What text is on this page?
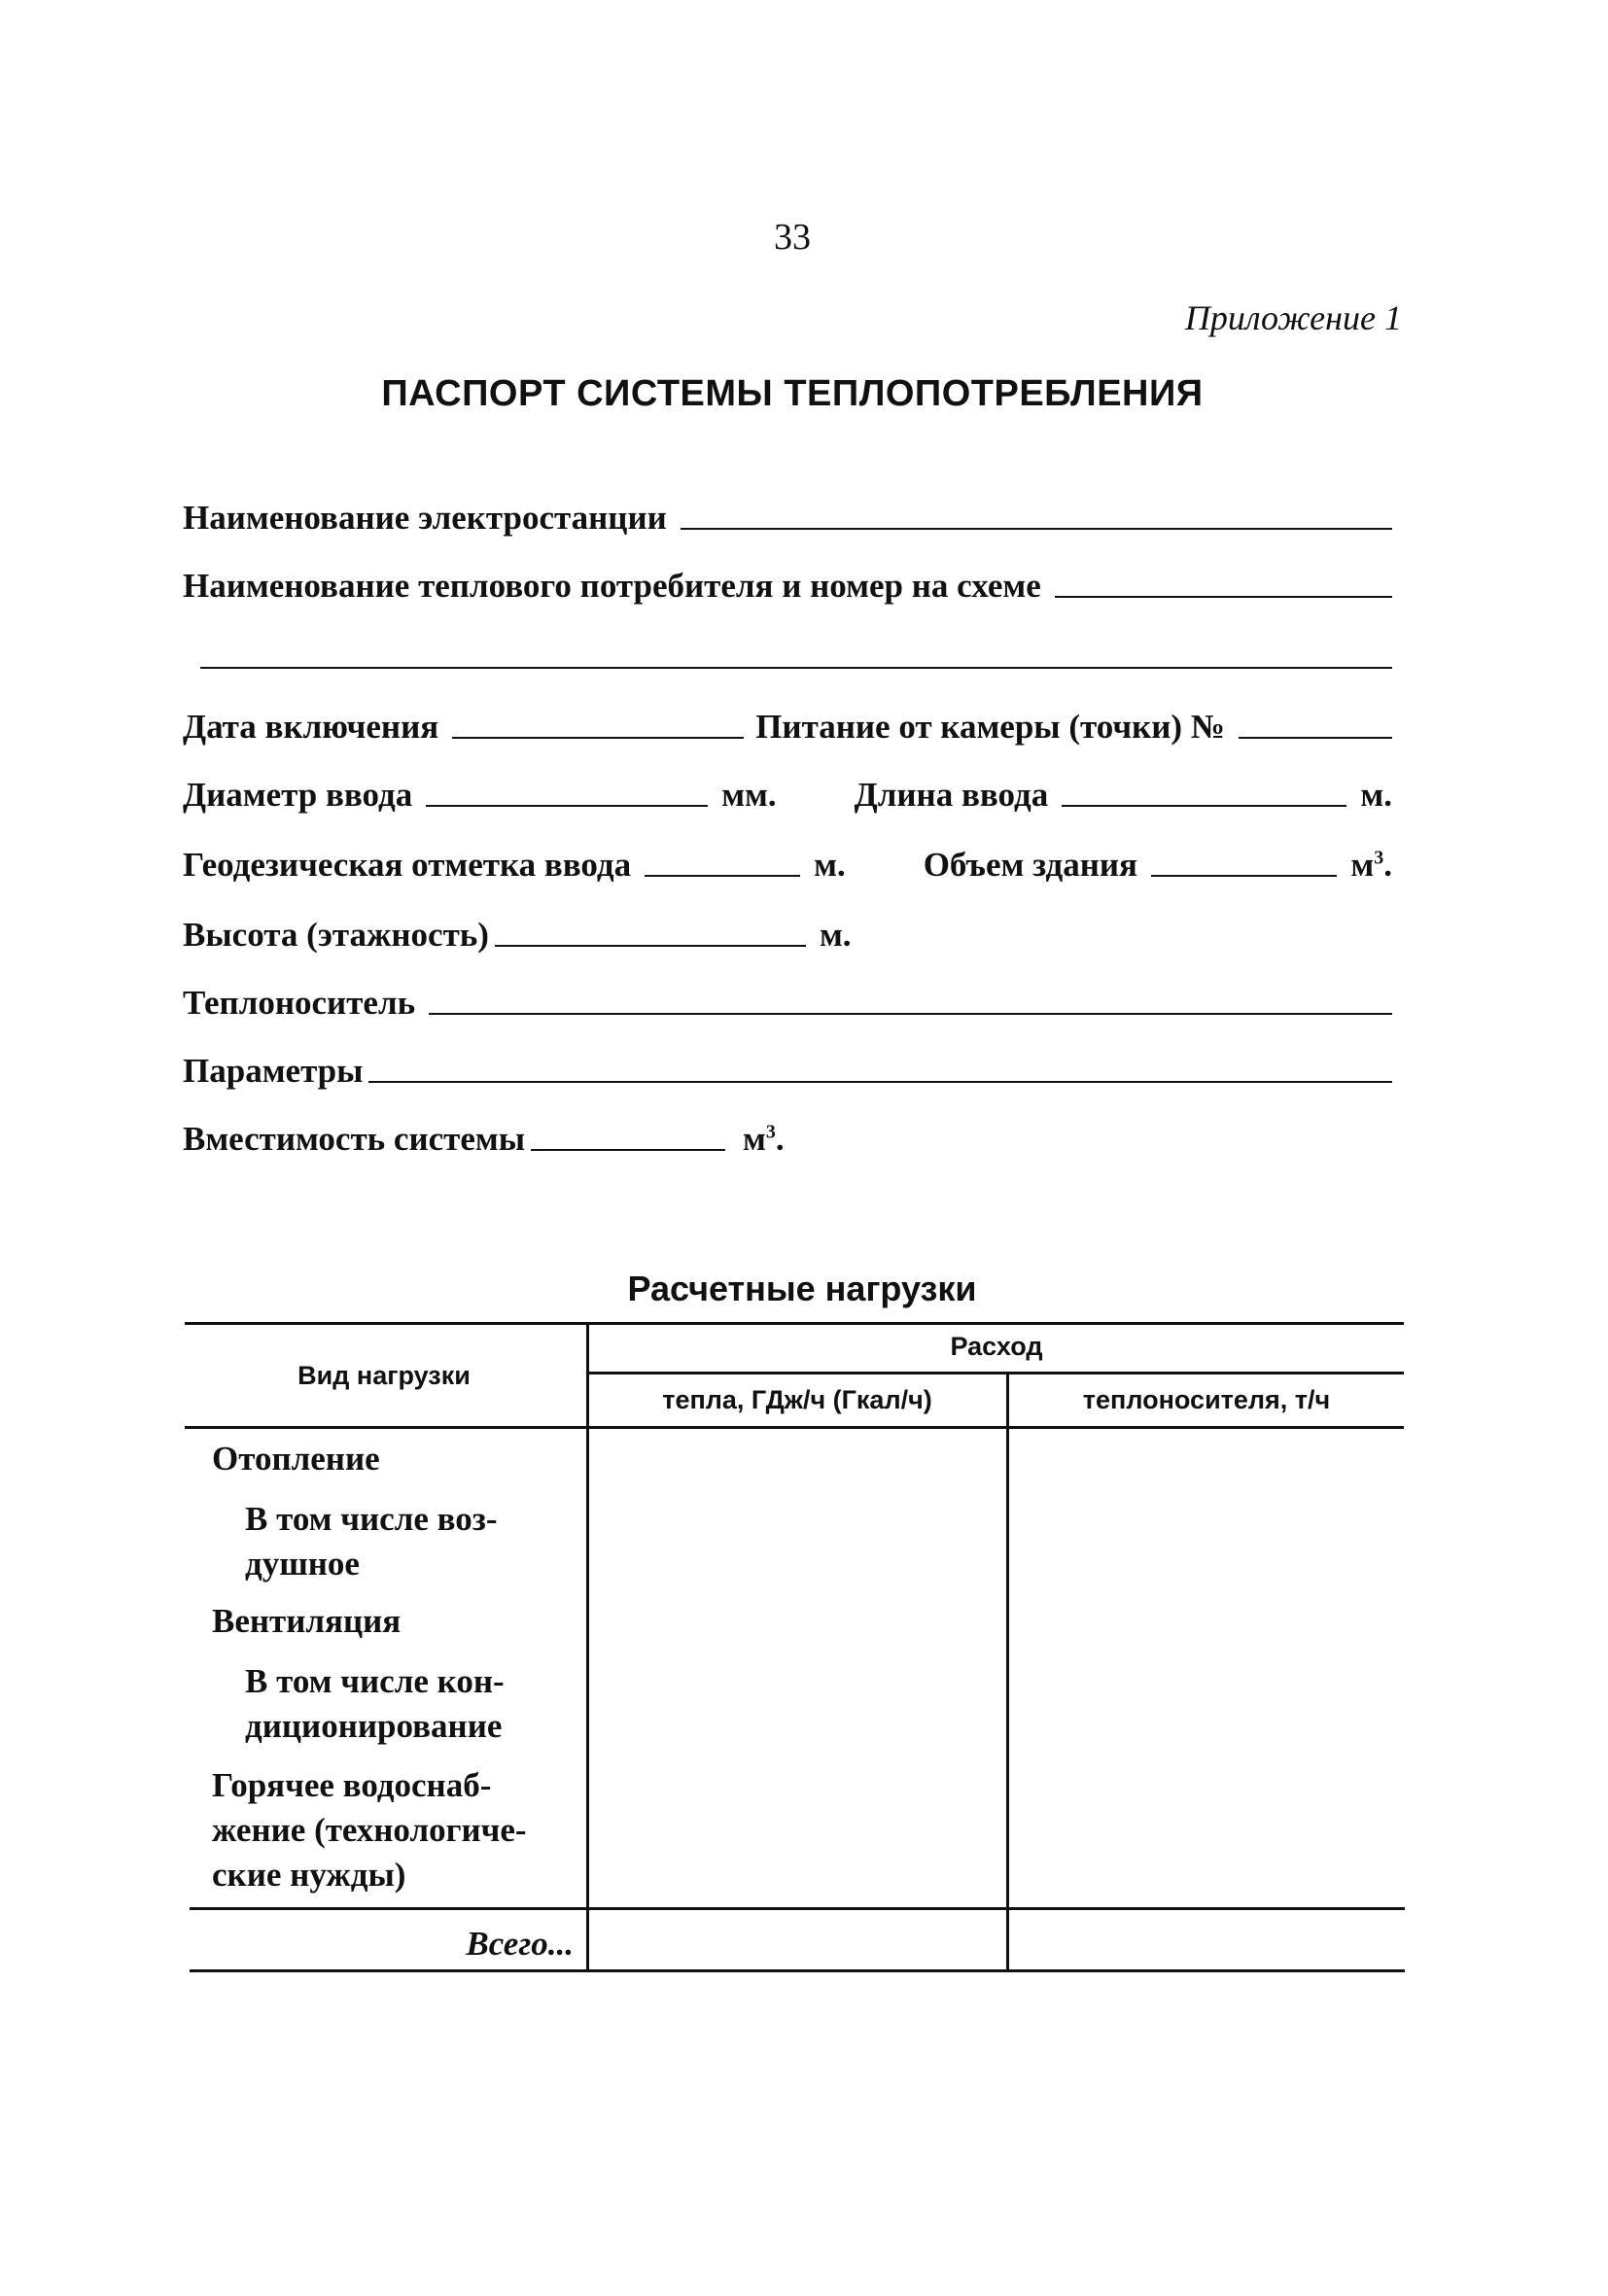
33
Приложение 1
ПАСПОРТ СИСТЕМЫ ТЕПЛОПОТРЕБЛЕНИЯ
Наименование электростанции
Наименование теплового потребителя и номер на схеме
Дата включения	Питание от камеры (точки) №
Диаметр ввода	мм.	Длина ввода	м.
Геодезическая отметка ввода	м.	Объем здания	$м^3$.
Высота (этажность)	м.
Теплоноситель
Параметры
Вместимость системы	$м^3$.
Расчетные нагрузки
Вид нагрузки
Расход
тепла, ГДж/ч (Гкал/ч)	теплоносителя, т/ч
Отопление
В том числе воз-
душное
Вентиляция
В том числе кон-
диционирование
Горячее водоснаб-
жение (технологиче-
ские нужды)
Всего...
